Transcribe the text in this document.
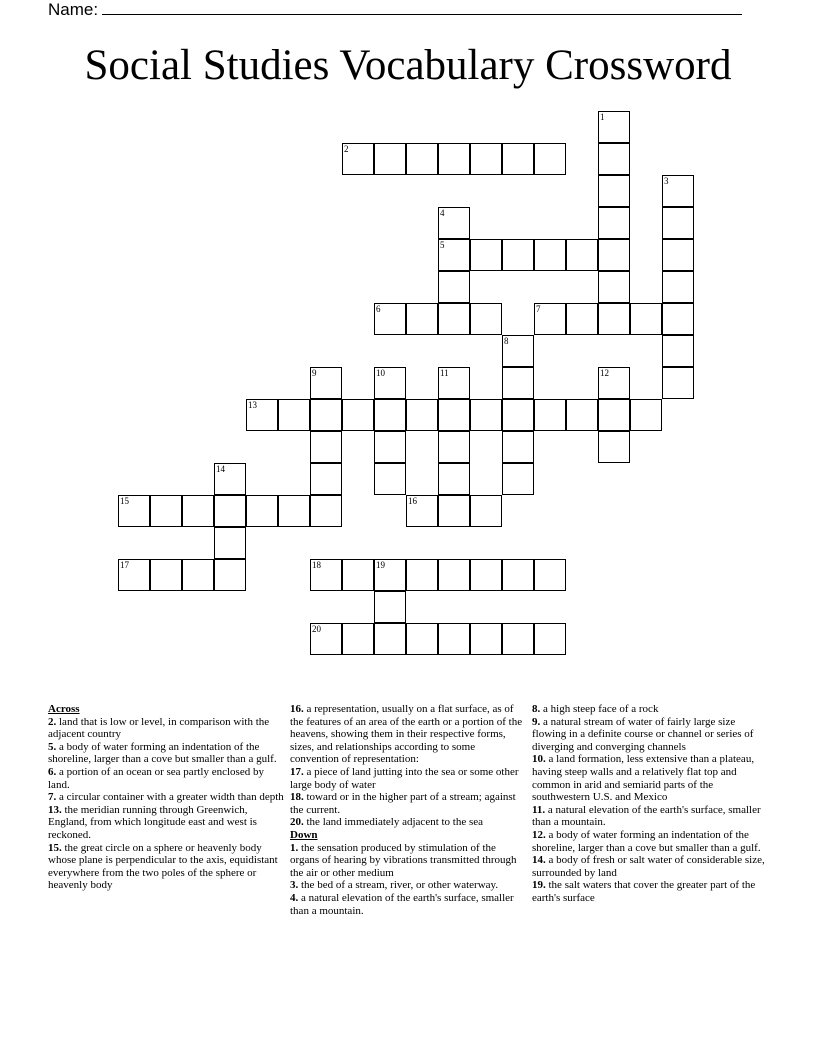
Name:
Social Studies Vocabulary Crossword
1
2
3
4
5
6	7
8
9	10	11	12
13
14
15	16
17	18	19
20

Across

2. land that is low or level, in comparison with the adjacent country

5. a body of water forming an indentation of the shoreline, larger than a cove but smaller than a gulf.

6. a portion of an ocean or sea partly enclosed by land.

7. a circular container with a greater width than depth

13. the meridian running through Greenwich, England, from which longitude east and west is reckoned.

15. the great circle on a sphere or heavenly body whose plane is perpendicular to the axis, equidistant everywhere from the two poles of the sphere or heavenly body

16. a representation, usually on a flat surface, as of the features of an area of the earth or a portion of the heavens, showing them in their respective forms, sizes, and relationships according to some convention of representation:

17. a piece of land jutting into the sea or some other large body of water

18. toward or in the higher part of a stream; against the current.

20. the land immediately adjacent to the sea

Down

1. the sensation produced by stimulation of the organs of hearing by vibrations transmitted through the air or other medium

3. the bed of a stream, river, or other waterway.

4. a natural elevation of the earth's surface, smaller than a mountain.

8. a high steep face of a rock

9. a natural stream of water of fairly large size flowing in a definite course or channel or series of diverging and converging channels

10. a land formation, less extensive than a plateau, having steep walls and a relatively flat top and common in arid and semiarid parts of the southwestern U.S. and Mexico

11. a natural elevation of the earth's surface, smaller than a mountain.

12. a body of water forming an indentation of the shoreline, larger than a cove but smaller than a gulf.

14. a body of fresh or salt water of considerable size, surrounded by land

19. the salt waters that cover the greater part of the earth's surface
